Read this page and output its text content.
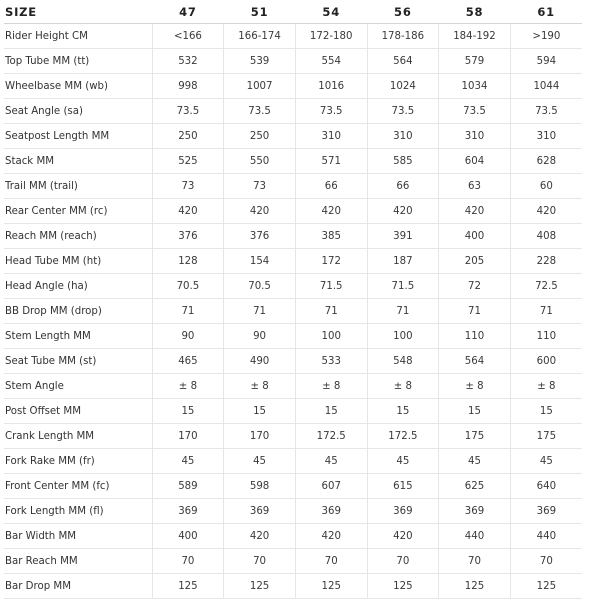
SIZE	47	51	54	56	58	61
Rider Height CM	<166	166-174	172-180	178-186	184-192	>190
Top Tube MM (tt)	532	539	554	564	579	594
Wheelbase MM (wb)	998	1007	1016	1024	1034	1044
Seat Angle (sa)	73.5	73.5	73.5	73.5	73.5	73.5
Seatpost Length MM	250	250	310	310	310	310
Stack MM	525	550	571	585	604	628
Trail MM (trail)	73	73	66	66	63	60
Rear Center MM (rc)	420	420	420	420	420	420
Reach MM (reach)	376	376	385	391	400	408
Head Tube MM (ht)	128	154	172	187	205	228
Head Angle (ha)	70.5	70.5	71.5	71.5	72	72.5
BB Drop MM (drop)	71	71	71	71	71	71
Stem Length MM	90	90	100	100	110	110
Seat Tube MM (st)	465	490	533	548	564	600
Stem Angle	± 8	± 8	± 8	± 8	± 8	± 8
Post Offset MM	15	15	15	15	15	15
Crank Length MM	170	170	172.5	172.5	175	175
Fork Rake MM (fr)	45	45	45	45	45	45
Front Center MM (fc)	589	598	607	615	625	640
Fork Length MM (fl)	369	369	369	369	369	369
Bar Width MM	400	420	420	420	440	440
Bar Reach MM	70	70	70	70	70	70
Bar Drop MM	125	125	125	125	125	125
